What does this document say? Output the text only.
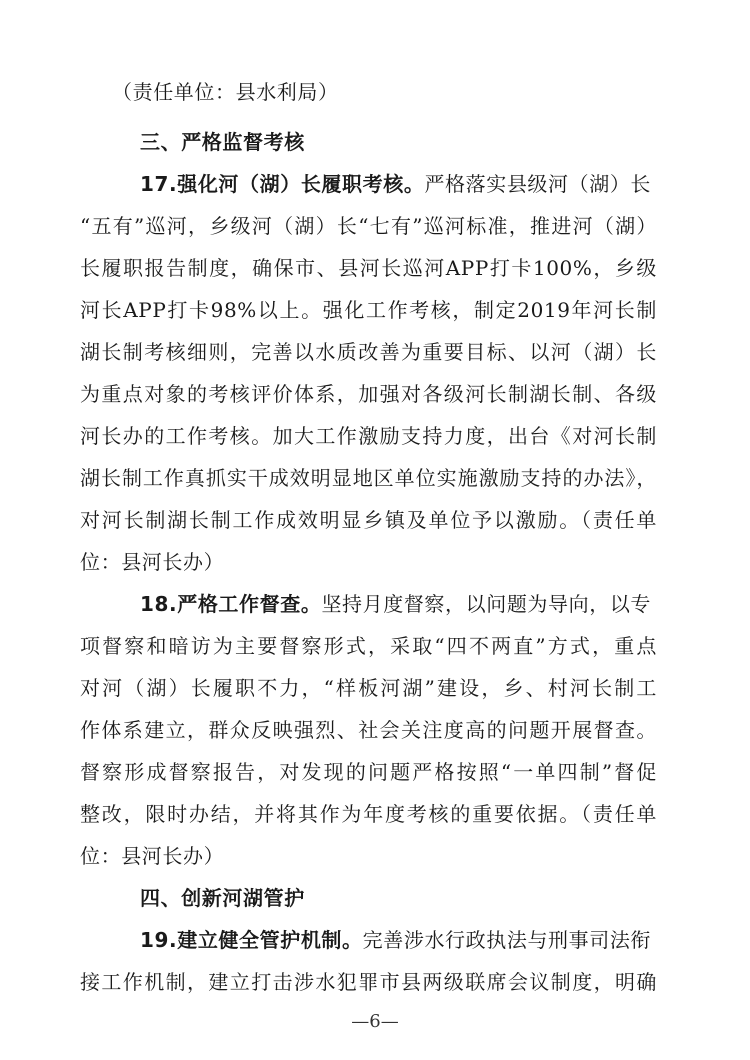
（责任单位：县水利局）
三、严格监督考核
17.强化河（湖）长履职考核。严格落实县级河（湖）长
“五有”巡河，乡级河（湖）长“七有”巡河标准，推进河（湖）
长履职报告制度，确保市、县河长巡河APP打卡100%，乡级
河长APP打卡98%以上。强化工作考核，制定2019年河长制
湖长制考核细则，完善以水质改善为重要目标、以河（湖）长
为重点对象的考核评价体系，加强对各级河长制湖长制、各级
河长办的工作考核。加大工作激励支持力度，出台《对河长制
湖长制工作真抓实干成效明显地区单位实施激励支持的办法》，
对河长制湖长制工作成效明显乡镇及单位予以激励。（责任单
位：县河长办）
18.严格工作督查。坚持月度督察，以问题为导向，以专
项督察和暗访为主要督察形式，采取“四不两直”方式，重点
对河（湖）长履职不力，“样板河湖”建设，乡、村河长制工
作体系建立，群众反映强烈、社会关注度高的问题开展督查。
督察形成督察报告，对发现的问题严格按照“一单四制”督促
整改，限时办结，并将其作为年度考核的重要依据。（责任单
位：县河长办）
四、创新河湖管护
19.建立健全管护机制。完善涉水行政执法与刑事司法衔
接工作机制，建立打击涉水犯罪市县两级联席会议制度，明确
—6—
